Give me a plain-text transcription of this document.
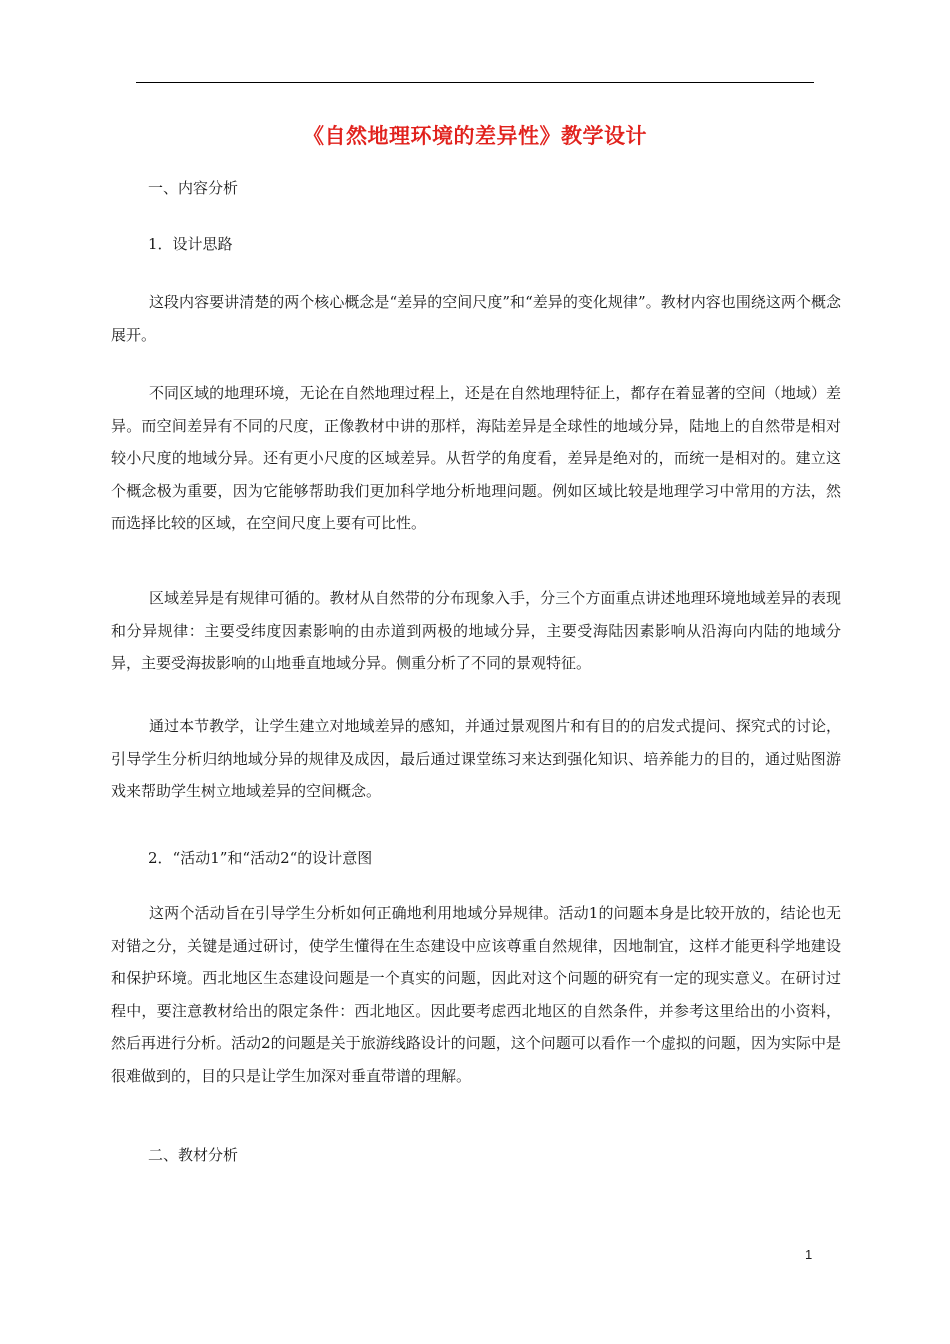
《自然地理环境的差异性》教学设计
一、内容分析
1．设计思路

这段内容要讲清楚的两个核心概念是“差异的空间尺度”和“差异的变化规律”。教材内容也围绕这两个概念展开。

不同区域的地理环境，无论在自然地理过程上，还是在自然地理特征上，都存在着显著的空间（地域）差异。而空间差异有不同的尺度，正像教材中讲的那样，海陆差异是全球性的地域分异，陆地上的自然带是相对较小尺度的地域分异。还有更小尺度的区域差异。从哲学的角度看，差异是绝对的，而统一是相对的。建立这个概念极为重要，因为它能够帮助我们更加科学地分析地理问题。例如区域比较是地理学习中常用的方法，然而选择比较的区域，在空间尺度上要有可比性。

区域差异是有规律可循的。教材从自然带的分布现象入手，分三个方面重点讲述地理环境地域差异的表现和分异规律：主要受纬度因素影响的由赤道到两极的地域分异，主要受海陆因素影响从沿海向内陆的地域分异，主要受海拔影响的山地垂直地域分异。侧重分析了不同的景观特征。

通过本节教学，让学生建立对地域差异的感知，并通过景观图片和有目的的启发式提问、探究式的讨论，引导学生分析归纳地域分异的规律及成因，最后通过课堂练习来达到强化知识、培养能力的目的，通过贴图游戏来帮助学生树立地域差异的空间概念。

2．“活动1”和“活动2“的设计意图

这两个活动旨在引导学生分析如何正确地利用地域分异规律。活动1的问题本身是比较开放的，结论也无对错之分，关键是通过研讨，使学生懂得在生态建设中应该尊重自然规律，因地制宜，这样才能更科学地建设和保护环境。西北地区生态建设问题是一个真实的问题，因此对这个问题的研究有一定的现实意义。在研讨过程中，要注意教材给出的限定条件：西北地区。因此要考虑西北地区的自然条件，并参考这里给出的小资料，然后再进行分析。活动2的问题是关于旅游线路设计的问题，这个问题可以看作一个虚拟的问题，因为实际中是很难做到的，目的只是让学生加深对垂直带谱的理解。

二、教材分析
1
